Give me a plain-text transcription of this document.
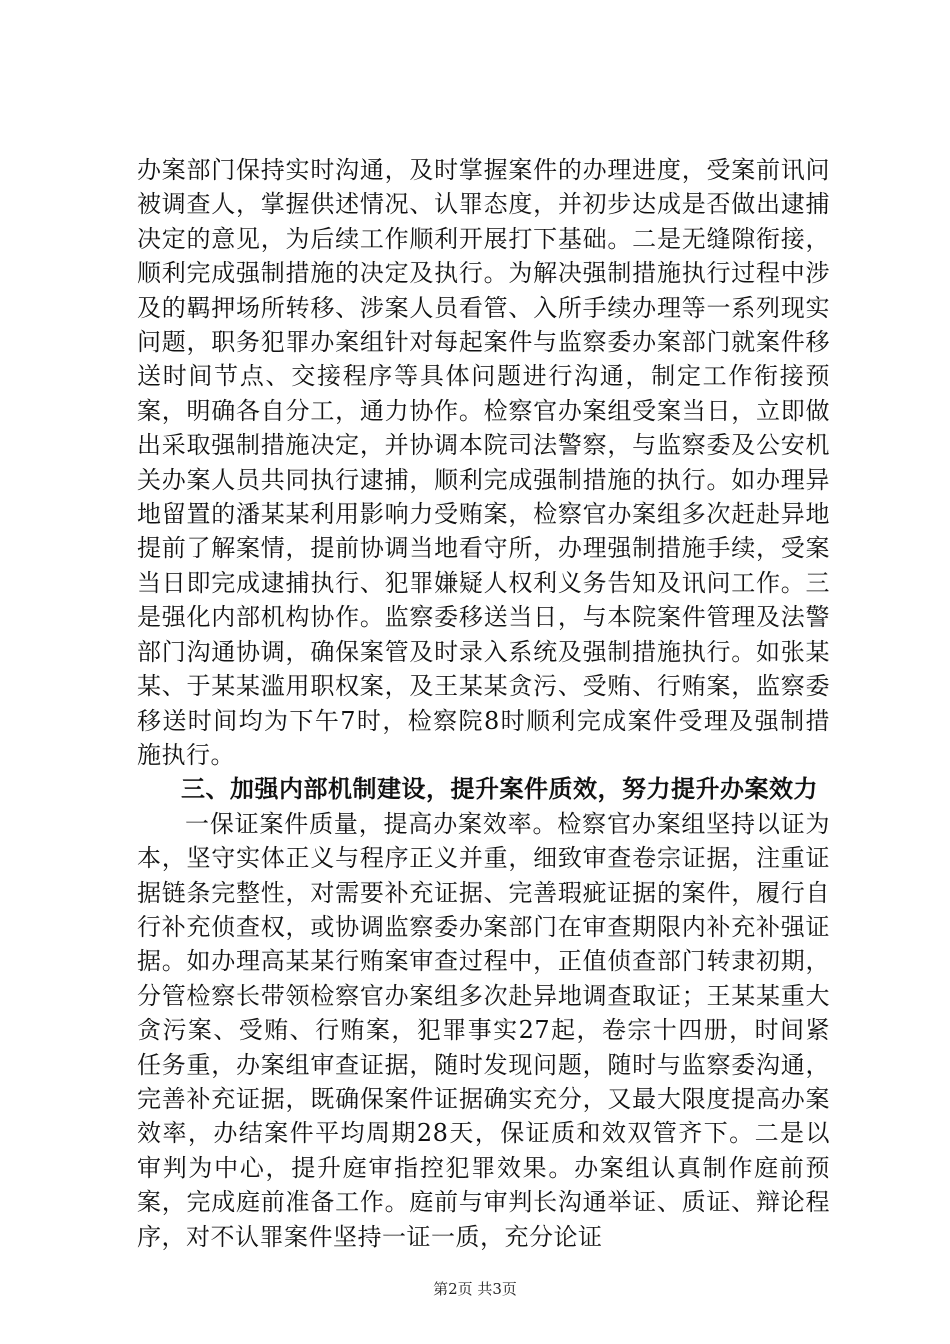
办案部门保持实时沟通，及时掌握案件的办理进度，受案前讯问被调查人，掌握供述情况、认罪态度，并初步达成是否做出逮捕决定的意见，为后续工作顺利开展打下基础。二是无缝隙衔接，顺利完成强制措施的决定及执行。为解决强制措施执行过程中涉及的羁押场所转移、涉案人员看管、入所手续办理等一系列现实问题，职务犯罪办案组针对每起案件与监察委办案部门就案件移送时间节点、交接程序等具体问题进行沟通，制定工作衔接预案，明确各自分工，通力协作。检察官办案组受案当日，立即做出采取强制措施决定，并协调本院司法警察，与监察委及公安机关办案人员共同执行逮捕，顺利完成强制措施的执行。如办理异地留置的潘某某利用影响力受贿案，检察官办案组多次赶赴异地提前了解案情，提前协调当地看守所，办理强制措施手续，受案当日即完成逮捕执行、犯罪嫌疑人权利义务告知及讯问工作。三是强化内部机构协作。监察委移送当日，与本院案件管理及法警部门沟通协调，确保案管及时录入系统及强制措施执行。如张某某、于某某滥用职权案，及王某某贪污、受贿、行贿案，监察委移送时间均为下午7时，检察院8时顺利完成案件受理及强制措施执行。

三、加强内部机制建设，提升案件质效，努力提升办案效力

一保证案件质量，提高办案效率。检察官办案组坚持以证为本，坚守实体正义与程序正义并重，细致审查卷宗证据，注重证据链条完整性，对需要补充证据、完善瑕疵证据的案件，履行自行补充侦查权，或协调监察委办案部门在审查期限内补充补强证据。如办理高某某行贿案审查过程中，正值侦查部门转隶初期，分管检察长带领检察官办案组多次赴异地调查取证；王某某重大贪污案、受贿、行贿案，犯罪事实27起，卷宗十四册，时间紧任务重，办案组审查证据，随时发现问题，随时与监察委沟通，完善补充证据，既确保案件证据确实充分，又最大限度提高办案效率，办结案件平均周期28天，保证质和效双管齐下。二是以审判为中心，提升庭审指控犯罪效果。办案组认真制作庭前预案，完成庭前准备工作。庭前与审判长沟通举证、质证、辩论程序，对不认罪案件坚持一证一质，充分论证

第2页 共3页
